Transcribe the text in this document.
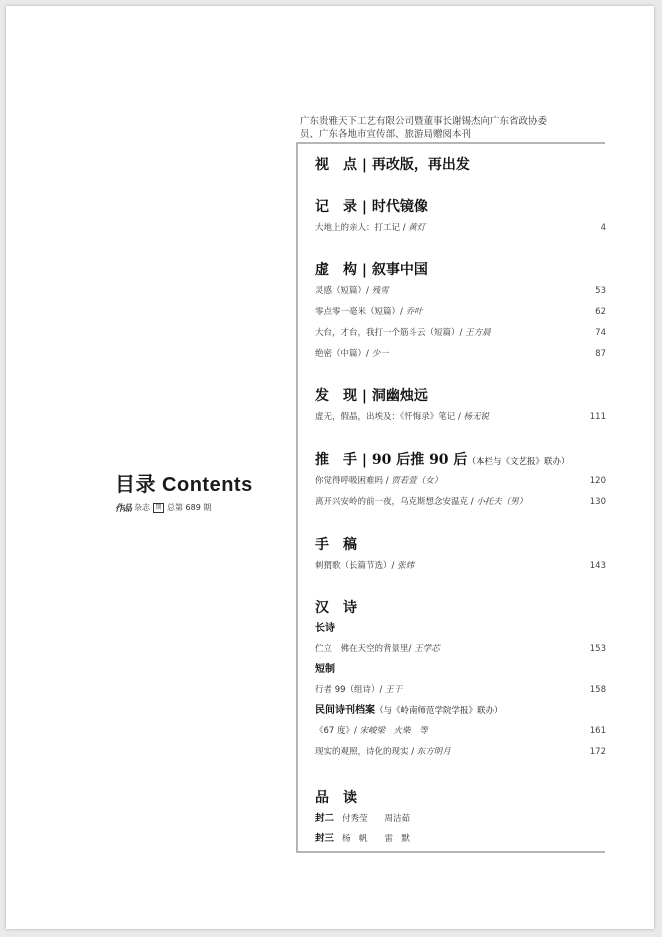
目录 Contents
作品 杂志 期 总第 689 期
广东贵雅天下工艺有限公司暨董事长谢锡杰向广东省政协委员、广东各地市宣传部、旅游局赠阅本刊
视　点 | 再改版，再出发
记　录 | 时代镜像
大地上的亲人：打工记 / 黄灯	4
虚　构 | 叙事中国
灵感（短篇）/ 残雪	53
零点零一毫米（短篇）/ 乔叶	62
大台，才台，我打一个筋斗云（短篇）/ 王方晨	74
绝密（中篇）/ 少一	87
发　现 | 洞幽烛远
虚无，假晶，出埃及：《忏悔录》笔记 / 杨无锐	111
推　手 | 90 后推 90 后（本栏与《文艺报》联办）
你觉得呼吸困难吗 / 贾若萱（女）	120
离开兴安岭的前一夜，乌克斯想念安温克 / 小托夫（男）	130
手　稿
刺猬歌（长篇节选）/ 张炜	143
汉　诗
长诗
伫立　佛在天空的背景里/ 王学芯	153
短制
行者 99（组诗）/ 王干	158
民间诗刊档案（与《岭南师范学院学报》联办）
《67 度》/ 宋峻梁　火柴　等	161
现实的观照，诗化的现实 / 东方明月	172
品　读
封二 付秀莹　　周洁茹
封三 杨　帆　　雷　默
